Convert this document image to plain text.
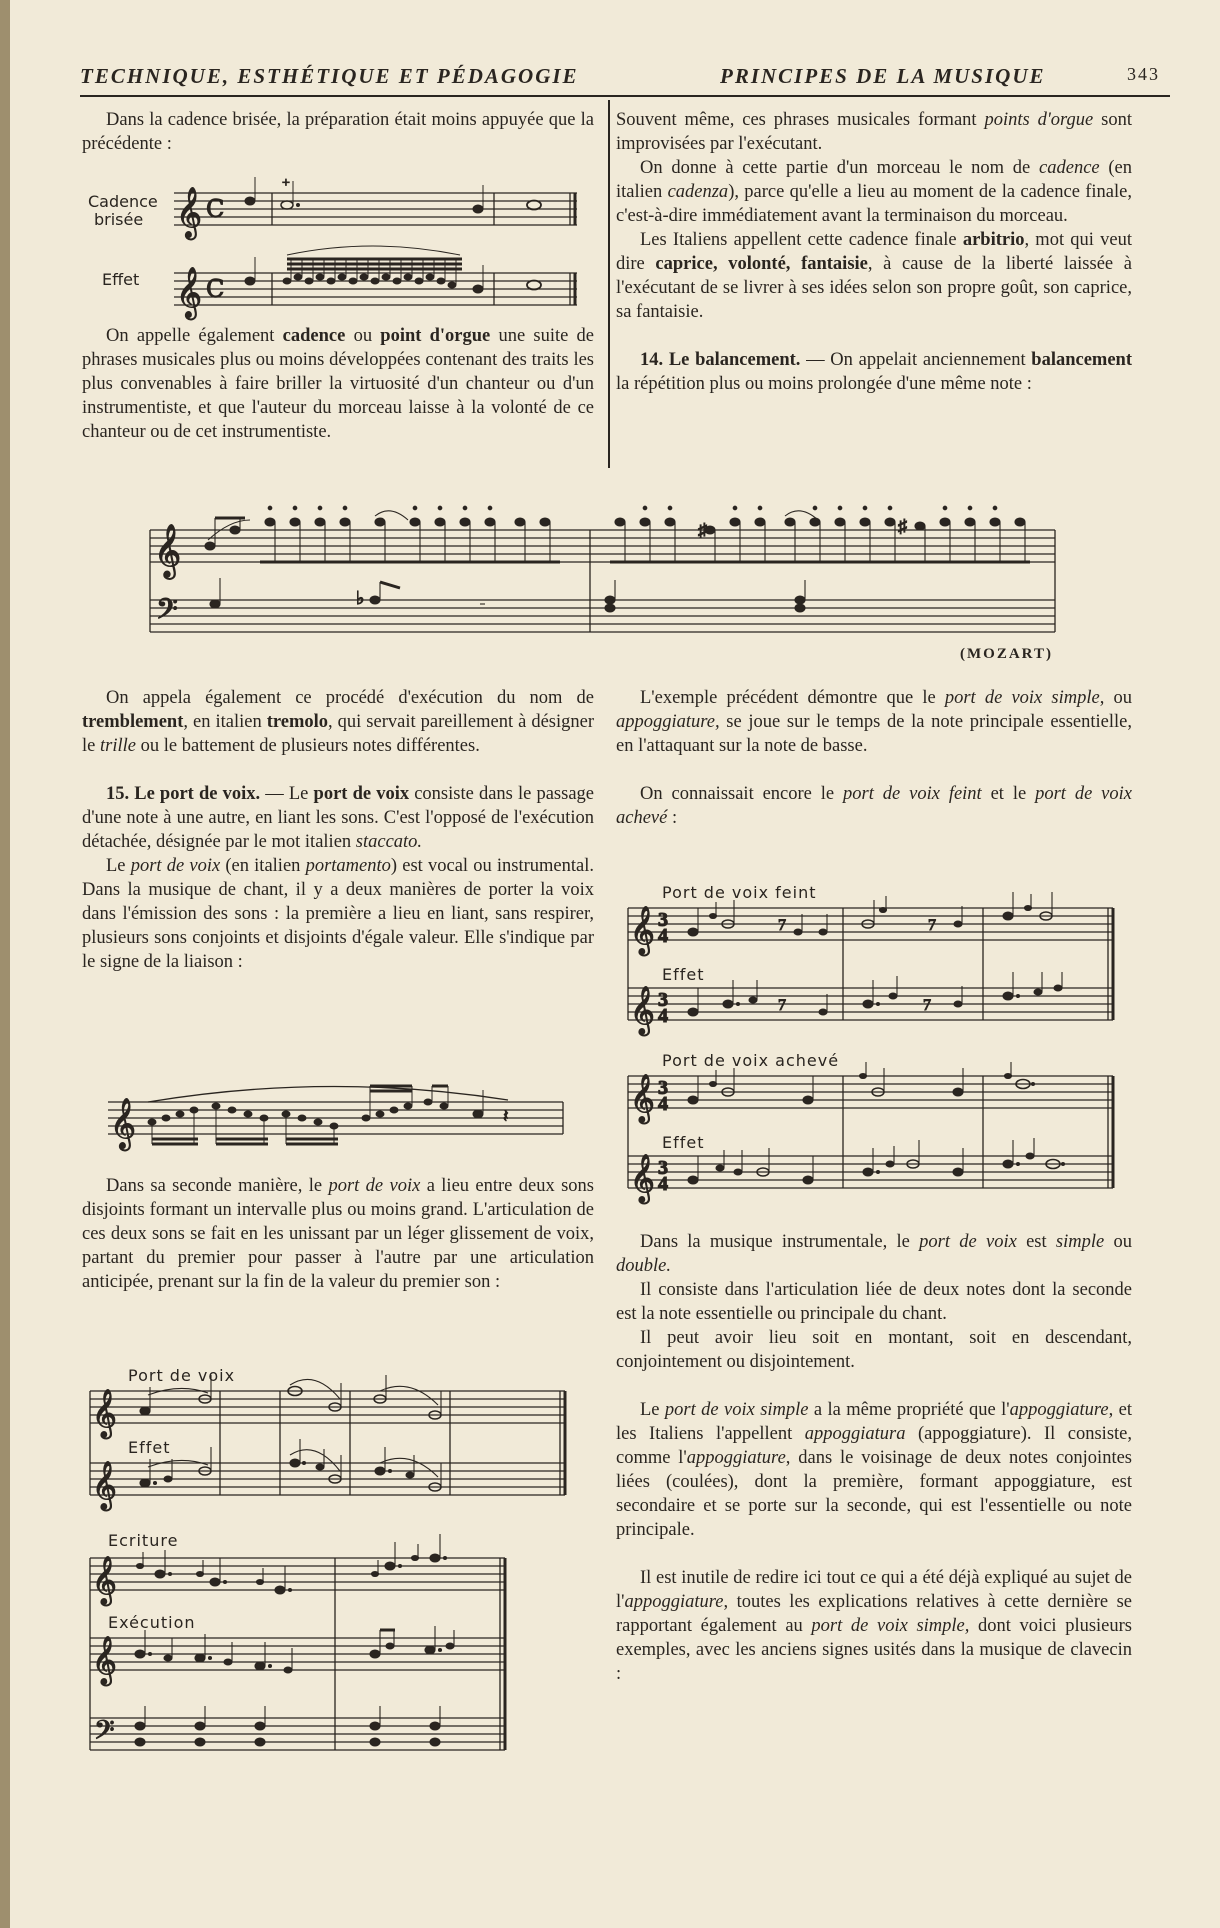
TECHNIQUE, ESTHÉTIQUE ET PÉDAGOGIE	PRINCIPES DE LA MUSIQUE	343

Dans la cadence brisée, la préparation était moins appuyée que la précédente :

Cadence
brisée
Effet
𝄞
𝄞
C
C
+

On appelle également cadence ou point d'orgue une suite de phrases musicales plus ou moins développées contenant des traits les plus convenables à faire briller la virtuosité d'un chanteur ou d'un instrumentiste, et que l'auteur du morceau laisse à la volonté de ce chanteur ou de cet instrumentiste.

Souvent même, ces phrases musicales formant points d'orgue sont improvisées par l'exécutant.

On donne à cette partie d'un morceau le nom de cadence (en italien cadenza), parce qu'elle a lieu au moment de la cadence finale, c'est-à-dire immédiatement avant la terminaison du morceau.

Les Italiens appellent cette cadence finale arbitrio, mot qui veut dire caprice, volonté, fantaisie, à cause de la liberté laissée à l'exécutant de se livrer à ses idées selon son propre goût, son caprice, sa fantaisie.

14. Le balancement. — On appelait anciennement balancement la répétition plus ou moins prolongée d'une même note :

𝄞
𝄢
♯	♯
♭
(MOZART)

On appela également ce procédé d'exécution du nom de tremblement, en italien tremolo, qui servait pareillement à désigner le trille ou le battement de plusieurs notes différentes.

15. Le port de voix. — Le port de voix consiste dans le passage d'une note à une autre, en liant les sons. C'est l'opposé de l'exécution détachée, désignée par le mot italien staccato.

Le port de voix (en italien portamento) est vocal ou instrumental. Dans la musique de chant, il y a deux manières de porter la voix dans l'émission des sons : la première a lieu en liant, sans respirer, plusieurs sons conjoints et disjoints d'égale valeur. Elle s'indique par le signe de la liaison :

𝄞	𝄽

Dans sa seconde manière, le port de voix a lieu entre deux sons disjoints formant un intervalle plus ou moins grand. L'articulation de ces deux sons se fait en les unissant par un léger glissement de voix, partant du premier pour passer à l'autre par une articulation anticipée, prenant sur la fin de la valeur du premier son :

Port de voix
Effet
𝄞
𝄞
Ecriture
Exécution
𝄞
𝄞
𝄢

L'exemple précédent démontre que le port de voix simple, ou appoggiature, se joue sur le temps de la note principale essentielle, en l'attaquant sur la note de basse.

On connaissait encore le port de voix feint et le port de voix achevé :

Port de voix feint
Effet
Port de voix achevé
Effet
𝄞
𝄞
𝄞
𝄞
3
4
3
4
3
4
3
4
7	7
7	7

Dans la musique instrumentale, le port de voix est simple ou double.

Il consiste dans l'articulation liée de deux notes dont la seconde est la note essentielle ou principale du chant.

Il peut avoir lieu soit en montant, soit en descendant, conjointement ou disjointement.

Le port de voix simple a la même propriété que l'appoggiature, et les Italiens l'appellent appoggiatura (appoggiature). Il consiste, comme l'appoggiature, dans le voisinage de deux notes conjointes liées (coulées), dont la première, formant appoggiature, est secondaire et se porte sur la seconde, qui est l'essentielle ou note principale.

Il est inutile de redire ici tout ce qui a été déjà expliqué au sujet de l'appoggiature, toutes les explications relatives à cette dernière se rapportant également au port de voix simple, dont voici plusieurs exemples, avec les anciens signes usités dans la musique de clavecin :
